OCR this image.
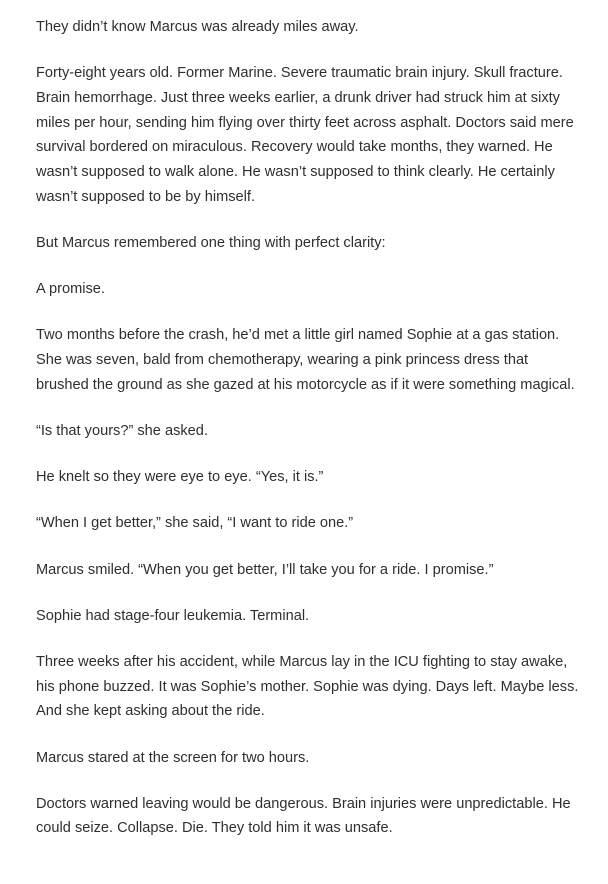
They didn’t know Marcus was already miles away.

Forty-eight years old. Former Marine. Severe traumatic brain injury. Skull fracture. Brain hemorrhage. Just three weeks earlier, a drunk driver had struck him at sixty miles per hour, sending him flying over thirty feet across asphalt. Doctors said mere survival bordered on miraculous. Recovery would take months, they warned. He wasn’t supposed to walk alone. He wasn’t supposed to think clearly. He certainly wasn’t supposed to be by himself.

But Marcus remembered one thing with perfect clarity:

A promise.

Two months before the crash, he’d met a little girl named Sophie at a gas station. She was seven, bald from chemotherapy, wearing a pink princess dress that brushed the ground as she gazed at his motorcycle as if it were something magical.

“Is that yours?” she asked.

He knelt so they were eye to eye. “Yes, it is.”

“When I get better,” she said, “I want to ride one.”

Marcus smiled. “When you get better, I’ll take you for a ride. I promise.”

Sophie had stage-four leukemia. Terminal.

Three weeks after his accident, while Marcus lay in the ICU fighting to stay awake, his phone buzzed. It was Sophie’s mother. Sophie was dying. Days left. Maybe less. And she kept asking about the ride.

Marcus stared at the screen for two hours.

Doctors warned leaving would be dangerous. Brain injuries were unpredictable. He could seize. Collapse. Die. They told him it was unsafe.
